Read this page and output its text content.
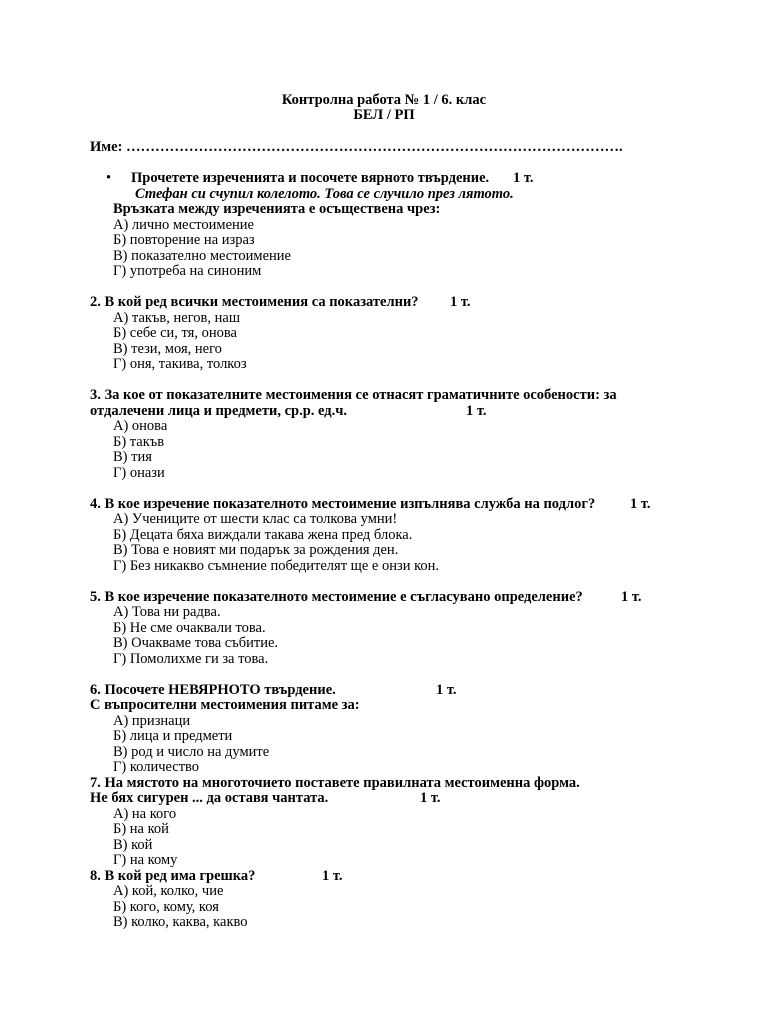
Контролна работа № 1 / 6. клас
БЕЛ / РП
Име: ………………………………………………………………………………………….
• Прочетете изреченията и посочете вярното твърдение. 1 т.
Стефан си счупил колелото. Това се случило през лятото.
Връзката между изреченията е осъществена чрез:
А) лично местоимение
Б) повторение на израз
В) показателно местоимение
Г) употреба на синоним
2. В кой ред всички местоимения са показателни? 1 т.
А) такъв, негов, наш
Б) себе си, тя, онова
В) тези, моя, него
Г) оня, такива, толкоз
3. За кое от показателните местоимения се отнасят граматичните особености: за
отдалечени лица и предмети, ср.р. ед.ч.	1 т.
А) онова
Б) такъв
В) тия
Г) онази
4. В кое изречение показателното местоимение изпълнява служба на подлог? 1 т.
А) Учениците от шести клас са толкова умни!
Б) Децата бяха виждали такава жена пред блока.
В) Това е новият ми подарък за рождения ден.
Г) Без никакво съмнение победителят ще е онзи кон.
5. В кое изречение показателното местоимение е съгласувано определение?	1 т.
А) Това ни радва.
Б) Не сме очаквали това.
В) Очакваме това събитие.
Г) Помолихме ги за това.
6. Посочете НЕВЯРНОТО твърдение.	1 т.
С въпросителни местоимения питаме за:
А) признаци
Б) лица и предмети
В) род и число на думите
Г) количество
7. На мястото на многоточието поставете правилната местоименна форма.
Не бях сигурен ... да оставя чантата.	1 т.
А) на кого
Б) на кой
В) кой
Г) на кому
8. В кой ред има грешка?	1 т.
А) кой, колко, чие
Б) кого, кому, коя
В) колко, каква, какво
